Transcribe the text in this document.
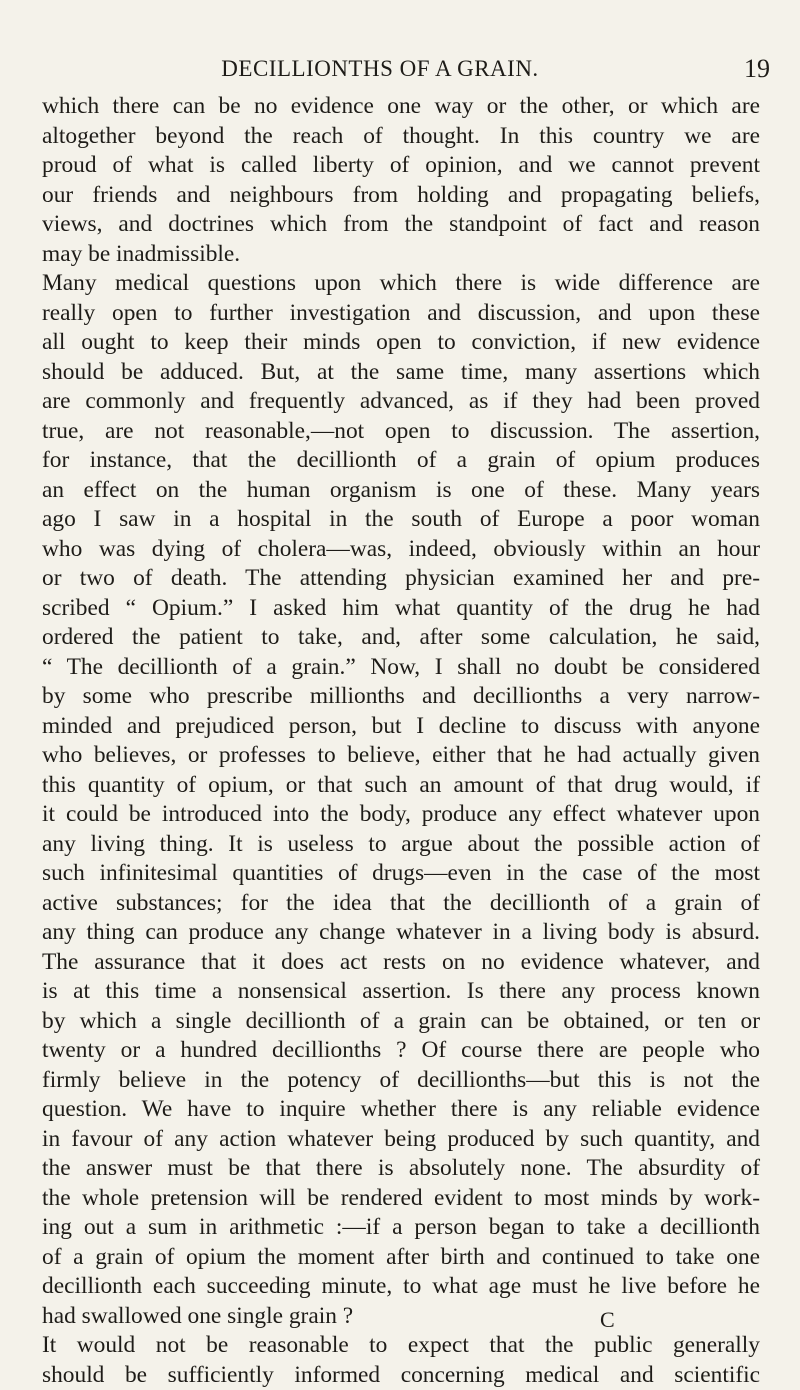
DECILLIONTHS OF A GRAIN.	19
which there can be no evidence one way or the other, or which are
altogether beyond the reach of thought. In this country we are
proud of what is called liberty of opinion, and we cannot prevent
our friends and neighbours from holding and propagating beliefs,
views, and doctrines which from the standpoint of fact and reason
may be inadmissible.
Many medical questions upon which there is wide difference are
really open to further investigation and discussion, and upon these
all ought to keep their minds open to conviction, if new evidence
should be adduced. But, at the same time, many assertions which
are commonly and frequently advanced, as if they had been proved
true, are not reasonable,—not open to discussion. The assertion,
for instance, that the decillionth of a grain of opium produces
an effect on the human organism is one of these. Many years
ago I saw in a hospital in the south of Europe a poor woman
who was dying of cholera—was, indeed, obviously within an hour
or two of death. The attending physician examined her and pre-
scribed “ Opium.” I asked him what quantity of the drug he had
ordered the patient to take, and, after some calculation, he said,
“ The decillionth of a grain.” Now, I shall no doubt be considered
by some who prescribe millionths and decillionths a very narrow-
minded and prejudiced person, but I decline to discuss with anyone
who believes, or professes to believe, either that he had actually given
this quantity of opium, or that such an amount of that drug would, if
it could be introduced into the body, produce any effect whatever upon
any living thing. It is useless to argue about the possible action of
such infinitesimal quantities of drugs—even in the case of the most
active substances; for the idea that the decillionth of a grain of
any thing can produce any change whatever in a living body is absurd.
The assurance that it does act rests on no evidence whatever, and
is at this time a nonsensical assertion. Is there any process known
by which a single decillionth of a grain can be obtained, or ten or
twenty or a hundred decillionths ? Of course there are people who
firmly believe in the potency of decillionths—but this is not the
question. We have to inquire whether there is any reliable evidence
in favour of any action whatever being produced by such quantity, and
the answer must be that there is absolutely none. The absurdity of
the whole pretension will be rendered evident to most minds by work-
ing out a sum in arithmetic :—if a person began to take a decillionth
of a grain of opium the moment after birth and continued to take one
decillionth each succeeding minute, to what age must he live before he
had swallowed one single grain ?
It would not be reasonable to expect that the public generally
should be sufficiently informed concerning medical and scientific
C
